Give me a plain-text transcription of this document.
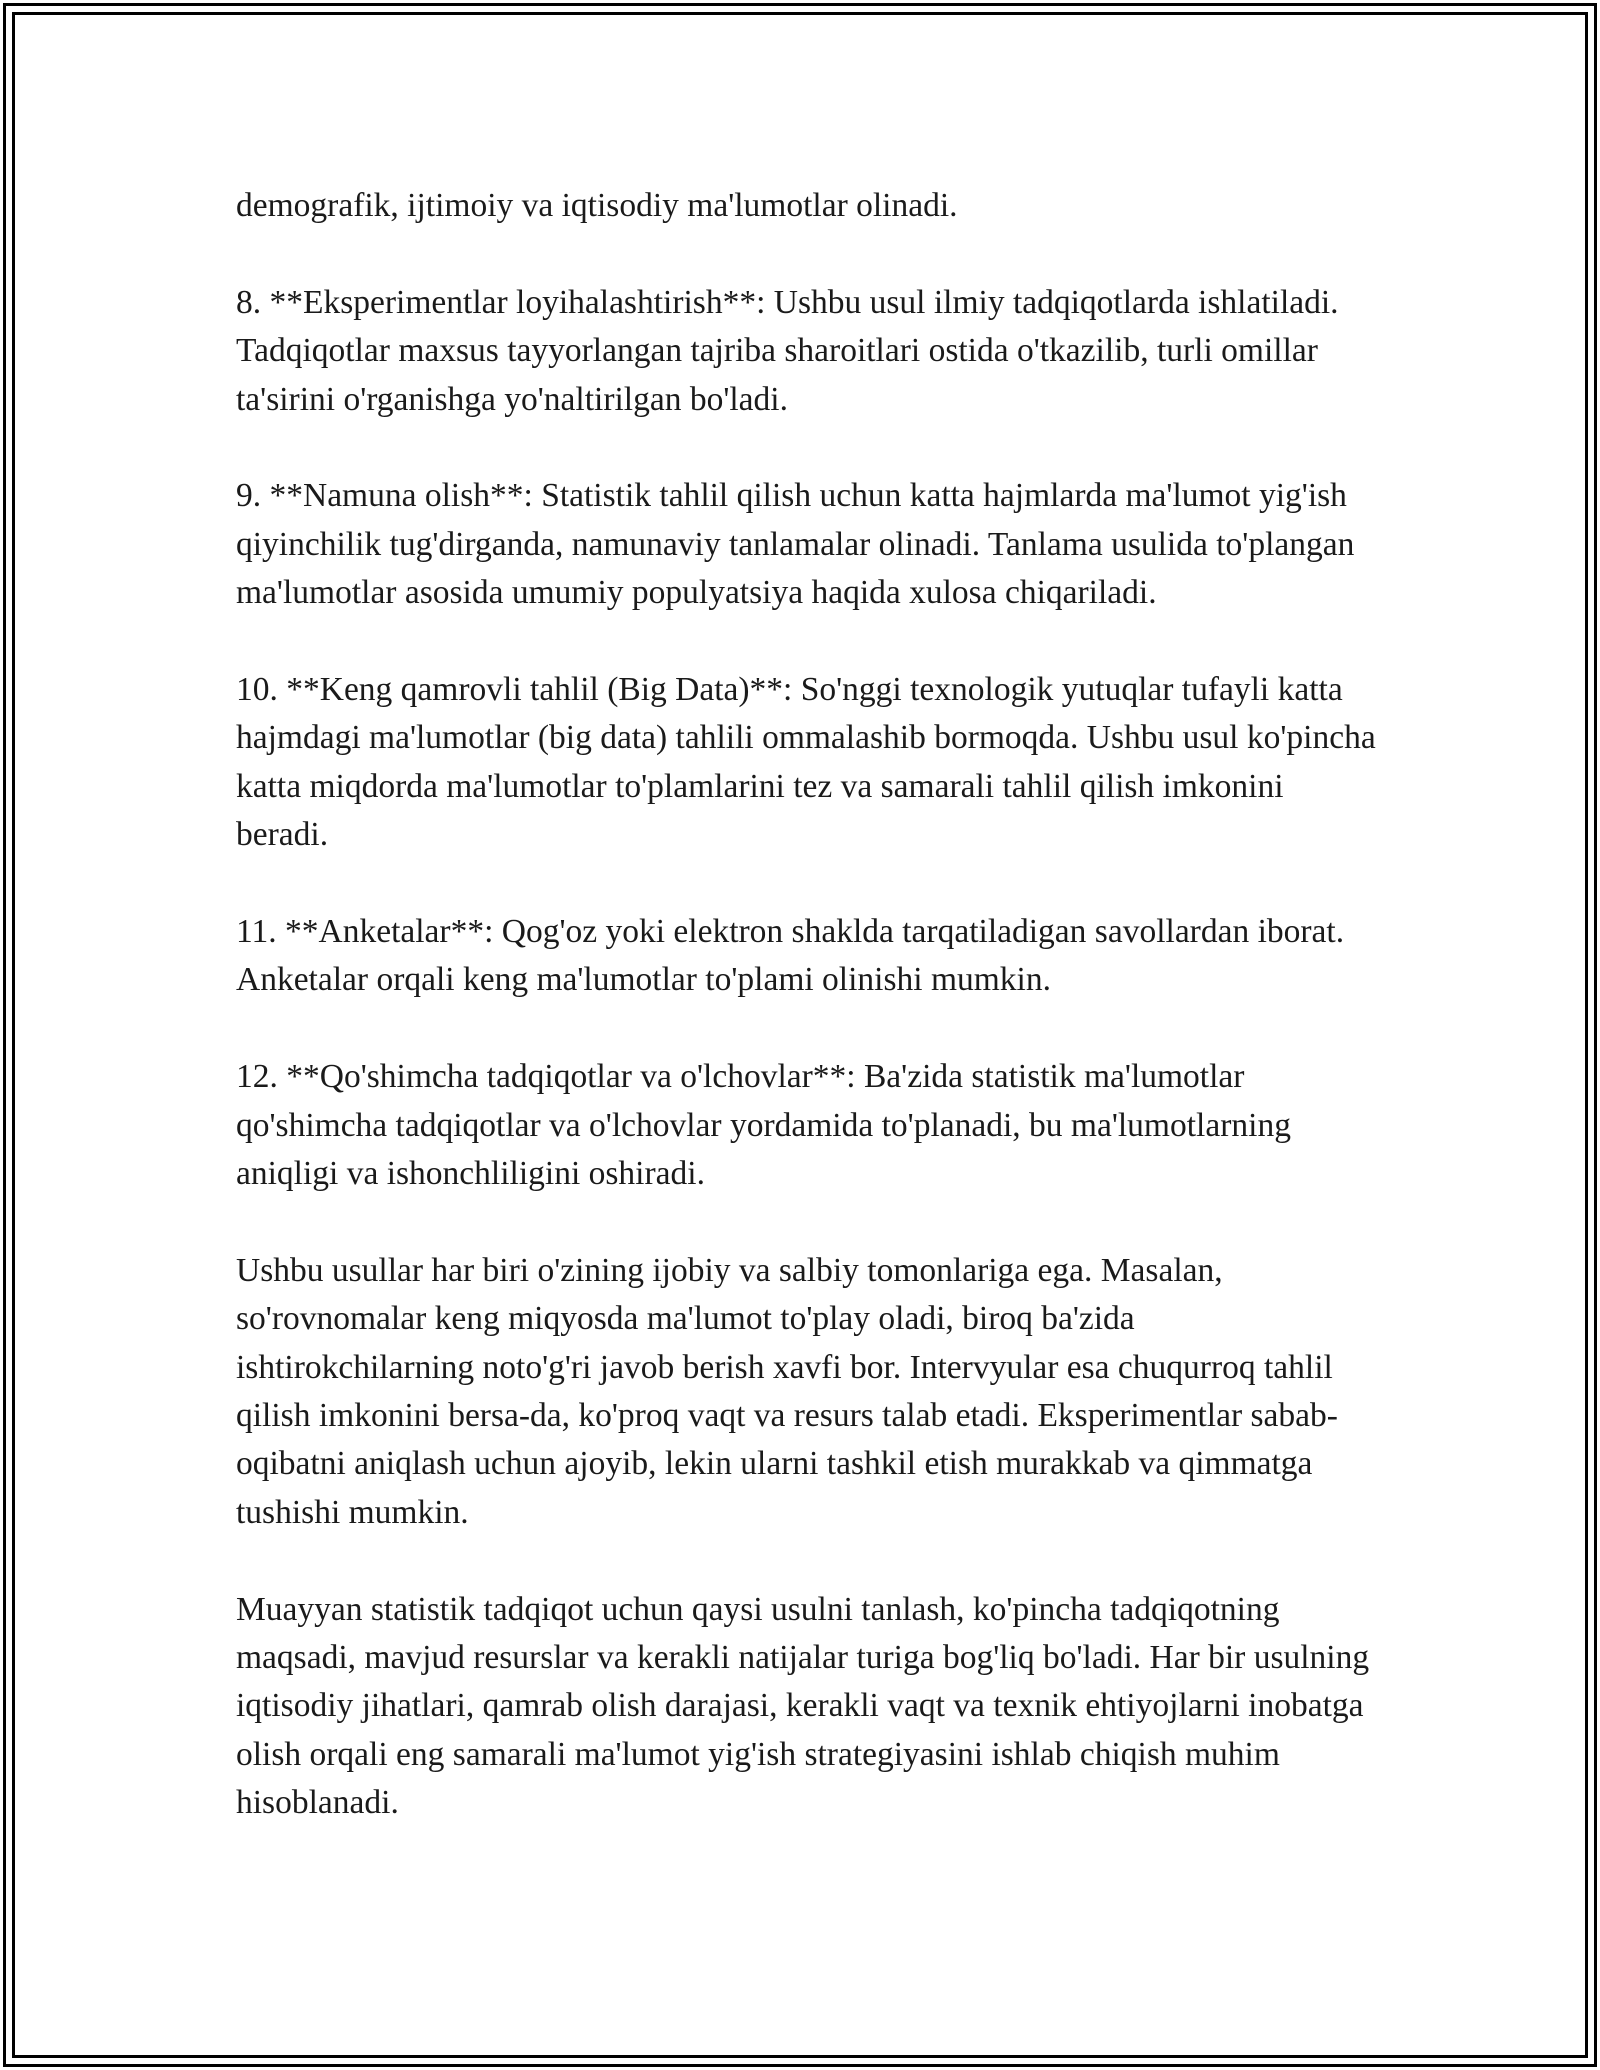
demografik, ijtimoiy va iqtisodiy ma'lumotlar olinadi.

8. **Eksperimentlar loyihalashtirish**: Ushbu usul ilmiy tadqiqotlarda ishlatiladi. Tadqiqotlar maxsus tayyorlangan tajriba sharoitlari ostida o'tkazilib, turli omillar ta'sirini o'rganishga yo'naltirilgan bo'ladi.

9. **Namuna olish**: Statistik tahlil qilish uchun katta hajmlarda ma'lumot yig'ish qiyinchilik tug'dirganda, namunaviy tanlamalar olinadi. Tanlama usulida to'plangan ma'lumotlar asosida umumiy populyatsiya haqida xulosa chiqariladi.

10. **Keng qamrovli tahlil (Big Data)**: So'nggi texnologik yutuqlar tufayli katta hajmdagi ma'lumotlar (big data) tahlili ommalashib bormoqda. Ushbu usul ko'pincha katta miqdorda ma'lumotlar to'plamlarini tez va samarali tahlil qilish imkonini beradi.

11. **Anketalar**: Qog'oz yoki elektron shaklda tarqatiladigan savollardan iborat. Anketalar orqali keng ma'lumotlar to'plami olinishi mumkin.

12. **Qo'shimcha tadqiqotlar va o'lchovlar**: Ba'zida statistik ma'lumotlar qo'shimcha tadqiqotlar va o'lchovlar yordamida to'planadi, bu ma'lumotlarning aniqligi va ishonchliligini oshiradi.

Ushbu usullar har biri o'zining ijobiy va salbiy tomonlariga ega. Masalan, so'rovnomalar keng miqyosda ma'lumot to'play oladi, biroq ba'zida ishtirokchilarning noto'g'ri javob berish xavfi bor. Intervyular esa chuqurroq tahlil qilish imkonini bersa-da, ko'proq vaqt va resurs talab etadi. Eksperimentlar sabab-oqibatni aniqlash uchun ajoyib, lekin ularni tashkil etish murakkab va qimmatga tushishi mumkin.

Muayyan statistik tadqiqot uchun qaysi usulni tanlash, ko'pincha tadqiqotning maqsadi, mavjud resurslar va kerakli natijalar turiga bog'liq bo'ladi. Har bir usulning iqtisodiy jihatlari, qamrab olish darajasi, kerakli vaqt va texnik ehtiyojlarni inobatga olish orqali eng samarali ma'lumot yig'ish strategiyasini ishlab chiqish muhim hisoblanadi.
